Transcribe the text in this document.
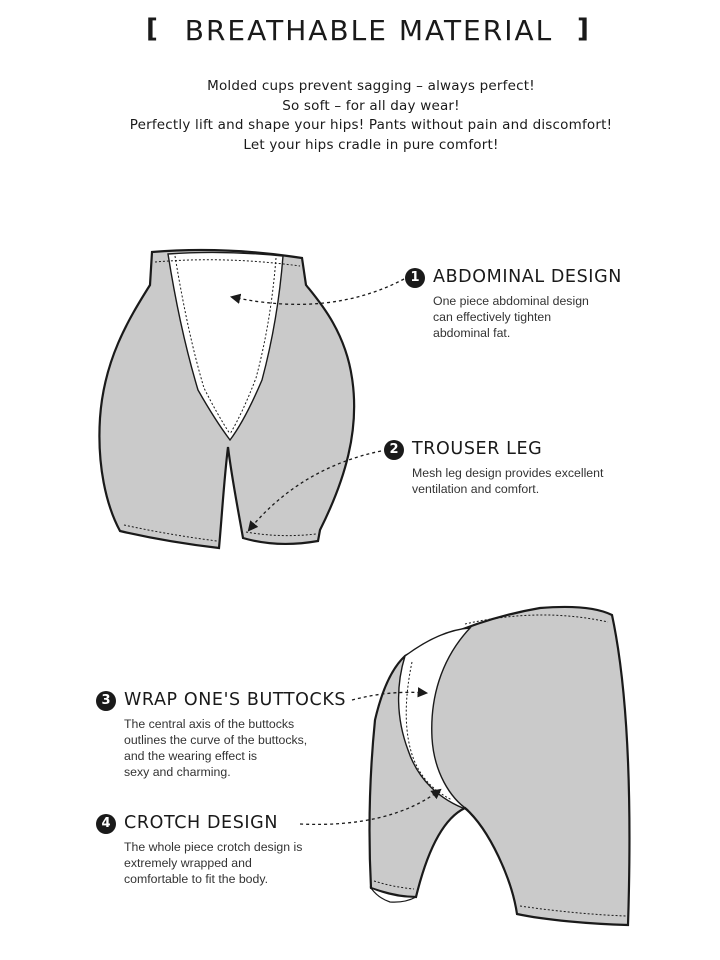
[ BREATHABLE MATERIAL ]
Molded cups prevent sagging – always perfect!
So soft – for all day wear!
Perfectly lift and shape your hips! Pants without pain and discomfort!
Let your hips cradle in pure comfort!
1 ABDOMINAL DESIGN
One piece abdominal design
can effectively tighten
abdominal fat.
2 TROUSER LEG
Mesh leg design provides excellent
ventilation and comfort.
3 WRAP ONE'S BUTTOCKS
The central axis of the buttocks
outlines the curve of the buttocks,
and the wearing effect is
sexy and charming.
4 CROTCH DESIGN
The whole piece crotch design is
extremely wrapped and
comfortable to fit the body.
